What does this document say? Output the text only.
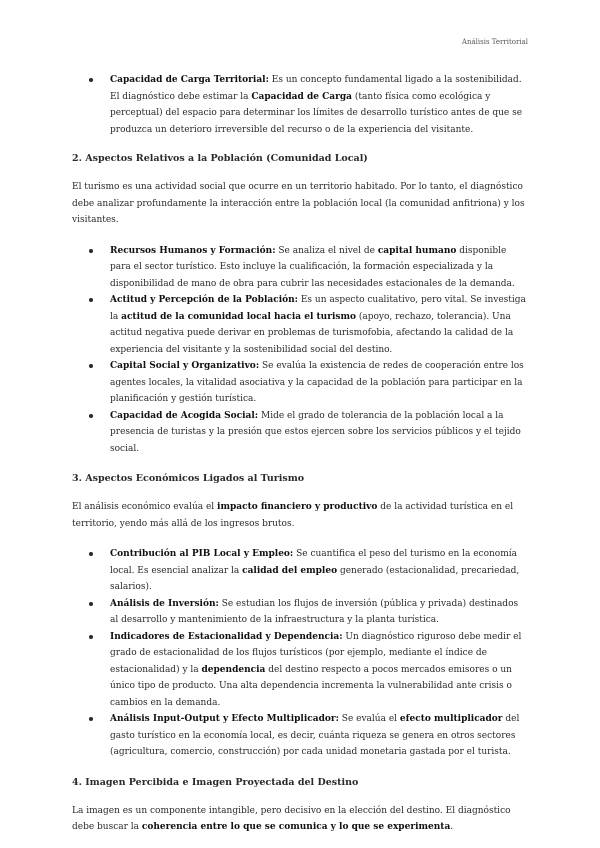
Análisis Territorial
Capacidad de Carga Territorial: Es un concepto fundamental ligado a la sostenibilidad. El diagnóstico debe estimar la Capacidad de Carga (tanto física como ecológica y perceptual) del espacio para determinar los límites de desarrollo turístico antes de que se produzca un deterioro irreversible del recurso o de la experiencia del visitante.
2. Aspectos Relativos a la Población (Comunidad Local)

El turismo es una actividad social que ocurre en un territorio habitado. Por lo tanto, el diagnóstico debe analizar profundamente la interacción entre la población local (la comunidad anfitriona) y los visitantes.

Recursos Humanos y Formación: Se analiza el nivel de capital humano disponible para el sector turístico. Esto incluye la cualificación, la formación especializada y la disponibilidad de mano de obra para cubrir las necesidades estacionales de la demanda.
Actitud y Percepción de la Población: Es un aspecto cualitativo, pero vital. Se investiga la actitud de la comunidad local hacia el turismo (apoyo, rechazo, tolerancia). Una actitud negativa puede derivar en problemas de turismofobia, afectando la calidad de la experiencia del visitante y la sostenibilidad social del destino.
Capital Social y Organizativo: Se evalúa la existencia de redes de cooperación entre los agentes locales, la vitalidad asociativa y la capacidad de la población para participar en la planificación y gestión turística.
Capacidad de Acogida Social: Mide el grado de tolerancia de la población local a la presencia de turistas y la presión que estos ejercen sobre los servicios públicos y el tejido social.
3. Aspectos Económicos Ligados al Turismo

El análisis económico evalúa el impacto financiero y productivo de la actividad turística en el territorio, yendo más allá de los ingresos brutos.

Contribución al PIB Local y Empleo: Se cuantifica el peso del turismo en la economía local. Es esencial analizar la calidad del empleo generado (estacionalidad, precariedad, salarios).
Análisis de Inversión: Se estudian los flujos de inversión (pública y privada) destinados al desarrollo y mantenimiento de la infraestructura y la planta turística.
Indicadores de Estacionalidad y Dependencia: Un diagnóstico riguroso debe medir el grado de estacionalidad de los flujos turísticos (por ejemplo, mediante el índice de estacionalidad) y la dependencia del destino respecto a pocos mercados emisores o un único tipo de producto. Una alta dependencia incrementa la vulnerabilidad ante crisis o cambios en la demanda.
Análisis Input-Output y Efecto Multiplicador: Se evalúa el efecto multiplicador del gasto turístico en la economía local, es decir, cuánta riqueza se genera en otros sectores (agricultura, comercio, construcción) por cada unidad monetaria gastada por el turista.
4. Imagen Percibida e Imagen Proyectada del Destino

La imagen es un componente intangible, pero decisivo en la elección del destino. El diagnóstico debe buscar la coherencia entre lo que se comunica y lo que se experimenta.
